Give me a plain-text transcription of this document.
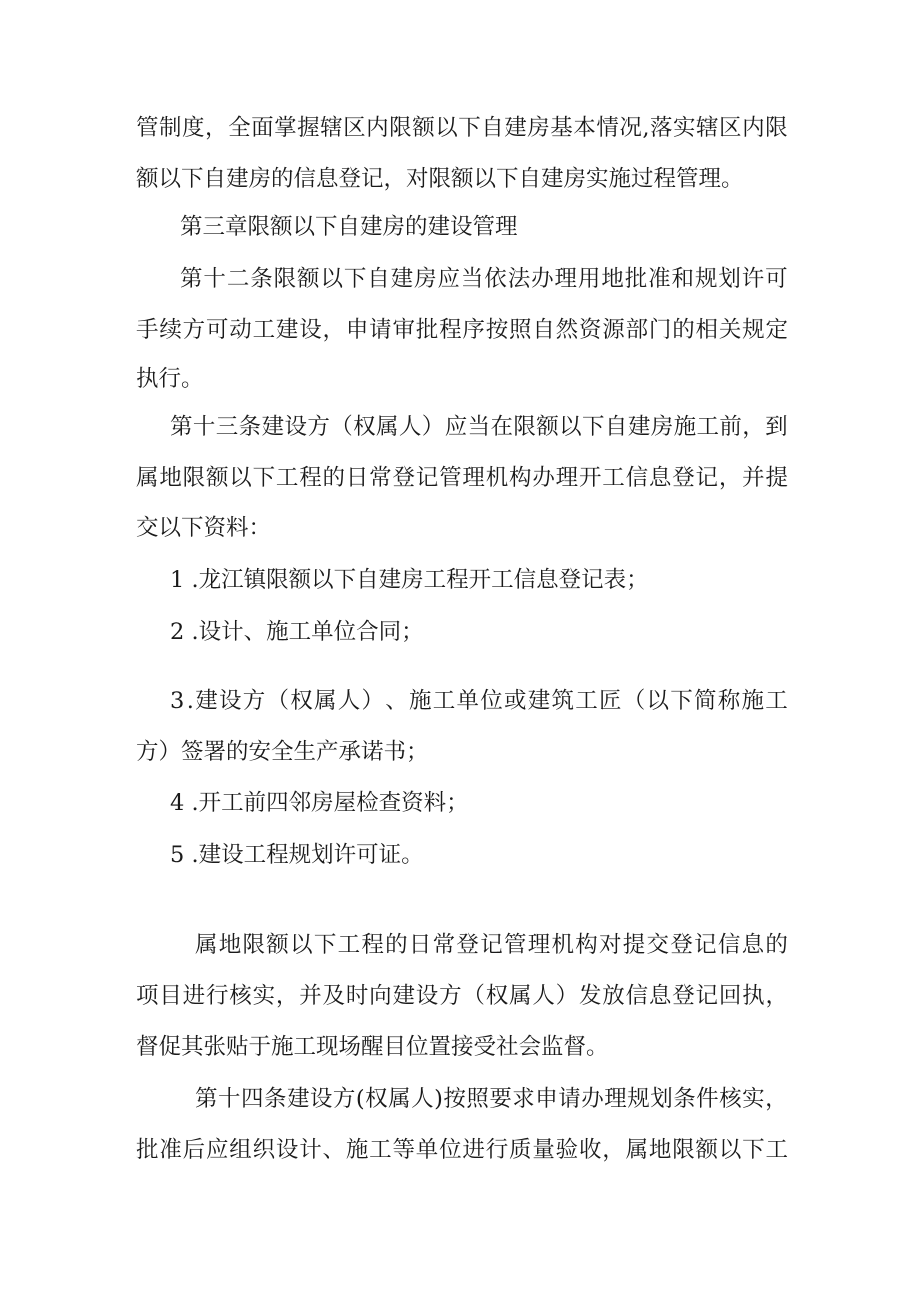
管 制 度 ， 全 面 掌 握 辖 区 内 限 额 以 下 自 建 房 基 本 情 况 , 落 实 辖 区 内 限
额以下自建房的信息登记，对限额以下自建房实施过程管理。
第三章限额以下自建房的建设管理
第 十 二 条 限 额 以 下 自 建 房 应 当 依 法 办 理 用 地 批 准 和 规 划 许 可
手 续 方 可 动 工 建 设 ， 申 请 审 批 程 序 按 照 自 然 资 源 部 门 的 相 关 规 定
执行。
第 十 三 条 建 设 方 （ 权 属 人 ） 应 当 在 限 额 以 下 自 建 房 施 工 前 ， 到
属 地 限 额 以 下 工 程 的 日 常 登 记 管 理 机 构 办 理 开 工 信 息 登 记 ， 并 提
交以下资料：
1 .龙江镇限额以下自建房工程开工信息登记表；
2 .设计、施工单位合同；
3 . 建 设 方 （ 权 属 人 ） 、 施 工 单 位 或 建 筑 工 匠 （ 以 下 简 称 施 工
方）签署的安全生产承诺书；
4 .开工前四邻房屋检查资料；
5 .建设工程规划许可证。
属 地 限 额 以 下 工 程 的 日 常 登 记 管 理 机 构 对 提 交 登 记 信 息 的
项 目 进 行 核 实 ， 并 及 时 向 建 设 方 （ 权 属 人 ） 发 放 信 息 登 记 回 执 ，
督促其张贴于施工现场醒目位置接受社会监督。
第 十 四 条 建 设 方 ( 权 属 人 ) 按 照 要 求 申 请 办 理 规 划 条 件 核 实 ，
批 准 后 应 组 织 设 计 、 施 工 等 单 位 进 行 质 量 验 收 ， 属 地 限 额 以 下 工
